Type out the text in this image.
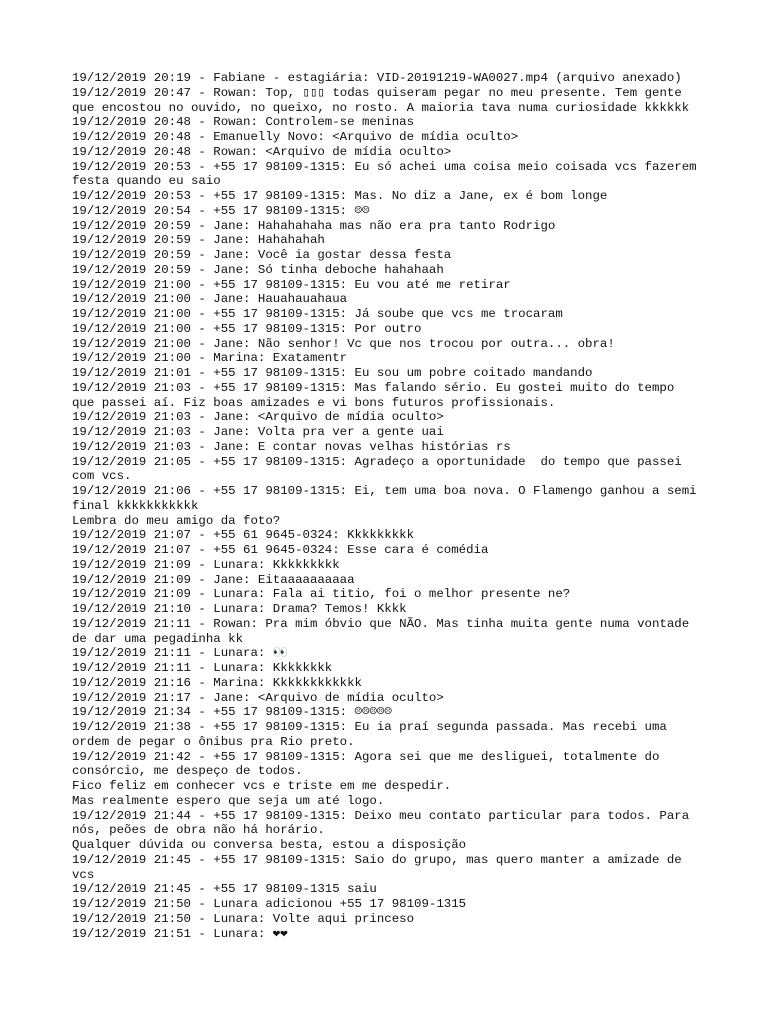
19/12/2019 20:19 - Fabiane - estagiária: VID-20191219-WA0027.mp4 (arquivo anexado)
19/12/2019 20:47 - Rowan: Top, ▯▯▯ todas quiseram pegar no meu presente. Tem gente que encostou no ouvido, no queixo, no rosto. A maioria tava numa curiosidade kkkkkk
19/12/2019 20:48 - Rowan: Controlem-se meninas
19/12/2019 20:48 - Emanuelly Novo: <Arquivo de mídia oculto>
19/12/2019 20:48 - Rowan: <Arquivo de mídia oculto>
19/12/2019 20:53 - +55 17 98109-1315: Eu só achei uma coisa meio coisada vcs fazerem festa quando eu saio
19/12/2019 20:53 - +55 17 98109-1315: Mas. No diz a Jane, ex é bom longe
19/12/2019 20:54 - +55 17 98109-1315: ☹☹
19/12/2019 20:59 - Jane: Hahahahaha mas não era pra tanto Rodrigo
19/12/2019 20:59 - Jane: Hahahahah
19/12/2019 20:59 - Jane: Você ia gostar dessa festa
19/12/2019 20:59 - Jane: Só tinha deboche hahahaah
19/12/2019 21:00 - +55 17 98109-1315: Eu vou até me retirar
19/12/2019 21:00 - Jane: Hauahauahaua
19/12/2019 21:00 - +55 17 98109-1315: Já soube que vcs me trocaram
19/12/2019 21:00 - +55 17 98109-1315: Por outro
19/12/2019 21:00 - Jane: Não senhor! Vc que nos trocou por outra... obra!
19/12/2019 21:00 - Marina: Exatamentr
19/12/2019 21:01 - +55 17 98109-1315: Eu sou um pobre coitado mandando
19/12/2019 21:03 - +55 17 98109-1315: Mas falando sério. Eu gostei muito do tempo que passei aí. Fiz boas amizades e vi bons futuros profissionais.
19/12/2019 21:03 - Jane: <Arquivo de mídia oculto>
19/12/2019 21:03 - Jane: Volta pra ver a gente uai
19/12/2019 21:03 - Jane: E contar novas velhas histórias rs
19/12/2019 21:05 - +55 17 98109-1315: Agradeço a oportunidade  do tempo que passei com vcs.
19/12/2019 21:06 - +55 17 98109-1315: Ei, tem uma boa nova. O Flamengo ganhou a semi final kkkkkkkkkkk
Lembra do meu amigo da foto?
19/12/2019 21:07 - +55 61 9645-0324: Kkkkkkkkk
19/12/2019 21:07 - +55 61 9645-0324: Esse cara é comédia
19/12/2019 21:09 - Lunara: Kkkkkkkkk
19/12/2019 21:09 - Jane: Eitaaaaaaaaaa
19/12/2019 21:09 - Lunara: Fala ai titio, foi o melhor presente ne?
19/12/2019 21:10 - Lunara: Drama? Temos! Kkkk
19/12/2019 21:11 - Rowan: Pra mim óbvio que NÃO. Mas tinha muita gente numa vontade de dar uma pegadinha kk
19/12/2019 21:11 - Lunara: 👀
19/12/2019 21:11 - Lunara: Kkkkkkkk
19/12/2019 21:16 - Marina: Kkkkkkkkkkkk
19/12/2019 21:17 - Jane: <Arquivo de mídia oculto>
19/12/2019 21:34 - +55 17 98109-1315: ☹☹☹☹☹
19/12/2019 21:38 - +55 17 98109-1315: Eu ia praí segunda passada. Mas recebi uma ordem de pegar o ônibus pra Rio preto.
19/12/2019 21:42 - +55 17 98109-1315: Agora sei que me desliguei, totalmente do consórcio, me despeço de todos.
Fico feliz em conhecer vcs e triste em me despedir.
Mas realmente espero que seja um até logo.
19/12/2019 21:44 - +55 17 98109-1315: Deixo meu contato particular para todos. Para nós, peões de obra não há horário.
Qualquer dúvida ou conversa besta, estou a disposição
19/12/2019 21:45 - +55 17 98109-1315: Saio do grupo, mas quero manter a amizade de vcs
19/12/2019 21:45 - +55 17 98109-1315 saiu
19/12/2019 21:50 - Lunara adicionou +55 17 98109-1315
19/12/2019 21:50 - Lunara: Volte aqui princeso
19/12/2019 21:51 - Lunara: ❤❤
